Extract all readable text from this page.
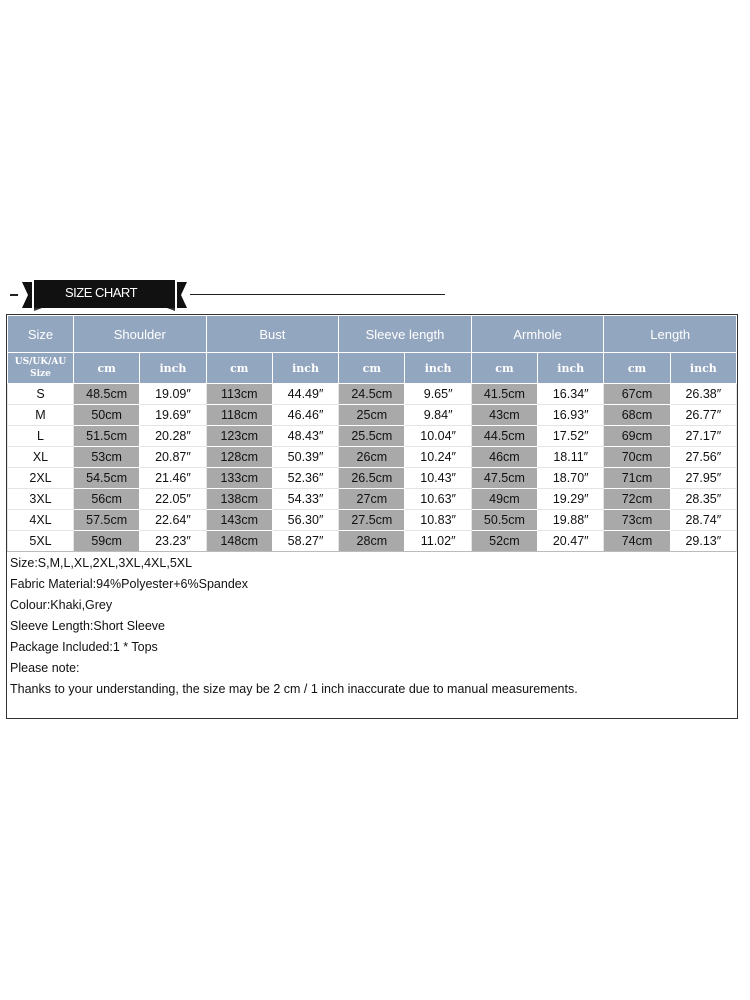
SIZE CHART
Size	Shoulder		Bust		Sleeve length		Armhole		Length	
US/UK/AU Size	cm	inch	cm	inch	cm	inch	cm	inch	cm	inch
S	48.5cm	19.09″	113cm	44.49″	24.5cm	9.65″	41.5cm	16.34″	67cm	26.38″
M	50cm	19.69″	118cm	46.46″	25cm	9.84″	43cm	16.93″	68cm	26.77″
L	51.5cm	20.28″	123cm	48.43″	25.5cm	10.04″	44.5cm	17.52″	69cm	27.17″
XL	53cm	20.87″	128cm	50.39″	26cm	10.24″	46cm	18.11″	70cm	27.56″
2XL	54.5cm	21.46″	133cm	52.36″	26.5cm	10.43″	47.5cm	18.70″	71cm	27.95″
3XL	56cm	22.05″	138cm	54.33″	27cm	10.63″	49cm	19.29″	72cm	28.35″
4XL	57.5cm	22.64″	143cm	56.30″	27.5cm	10.83″	50.5cm	19.88″	73cm	28.74″
5XL	59cm	23.23″	148cm	58.27″	28cm	11.02″	52cm	20.47″	74cm	29.13″
Size:S,M,L,XL,2XL,3XL,4XL,5XL
Fabric Material:94%Polyester+6%Spandex
Colour:Khaki,Grey
Sleeve Length:Short Sleeve
Package Included:1 * Tops
Please note:
Thanks to your understanding, the size may be 2 cm / 1 inch inaccurate due to manual measurements.
